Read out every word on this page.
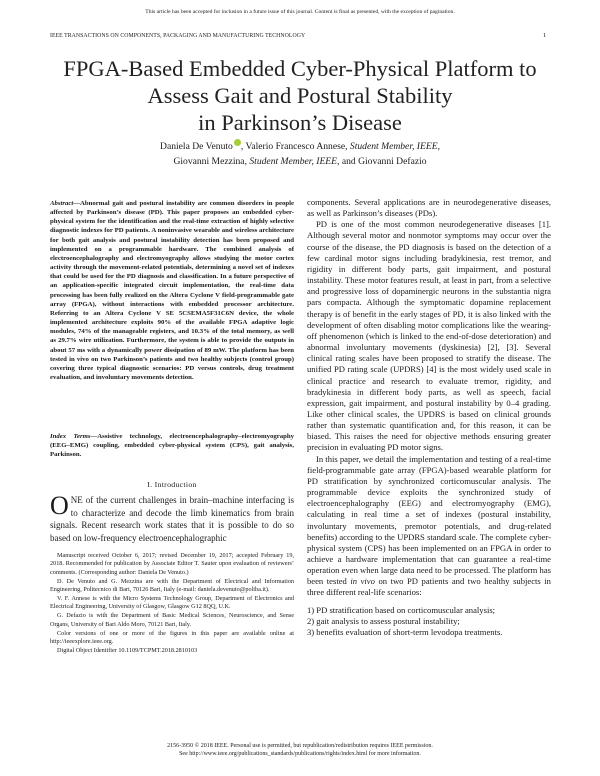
This article has been accepted for inclusion in a future issue of this journal. Content is final as presented, with the exception of pagination.
IEEE TRANSACTIONS ON COMPONENTS, PACKAGING AND MANUFACTURING TECHNOLOGY	1
FPGA-Based Embedded Cyber-Physical Platform to
Assess Gait and Postural Stability
in Parkinson’s Disease
Daniela De Venuto , Valerio Francesco Annese, Student Member, IEEE,
Giovanni Mezzina, Student Member, IEEE, and Giovanni Defazio
Abstract—Abnormal gait and postural instability are common disorders in people affected by Parkinson’s disease (PD). This paper proposes an embedded cyber-physical system for the identification and the real-time extraction of highly selective diagnostic indexes for PD patients. A noninvasive wearable and wireless architecture for both gait analysis and postural instability detection has been proposed and implemented on a programmable hardware. The combined analysis of electroencephalography and electromyography allows studying the motor cortex activity through the movement-related potentials, determining a novel set of indexes that could be used for the PD diagnosis and classification. In a future perspective of an application-specific integrated circuit implementation, the real-time data processing has been fully realized on the Altera Cyclone V field-programmable gate array (FPGA), without interactions with embedded processor architecture. Referring to an Altera Cyclone V SE 5CSEMA5F31C6N device, the whole implemented architecture exploits 90% of the available FPGA adaptive logic modules, 74% of the manageable registers, and 10.3% of the total memory, as well as 29.7% wire utilization. Furthermore, the system is able to provide the outputs in about 57 ms with a dynamically power dissipation of 89 mW. The platform has been tested in vivo on two Parkinson’s patients and two healthy subjects (control group) covering three typical diagnostic scenarios: PD versus controls, drug treatment evaluation, and involuntary movements detection.
Index Terms—Assistive technology, electroencephalography–electromyography (EEG–EMG) coupling, embedded cyber-physical system (CPS), gait analysis, Parkinson.
I. Introduction
ONE of the current challenges in brain–machine interfacing is to characterize and decode the limb kinematics from brain signals. Recent research work states that it is possible to do so based on low-frequency electroencephalographic

Manuscript received October 6, 2017; revised December 19, 2017; accepted February 19, 2018. Recommended for publication by Associate Editor T. Sauter upon evaluation of reviewers’ comments. (Corresponding author: Daniela De Venuto.)

D. De Venuto and G. Mezzina are with the Department of Electrical and Information Engineering, Politecnico di Bari, 70126 Bari, Italy (e-mail: daniela.devenuto@poliba.it).

V. F. Annese is with the Micro Systems Technology Group, Department of Electronics and Electrical Engineering, University of Glasgow, Glasgow G12 8QQ, U.K.

G. Defazio is with the Department of Basic Medical Sciences, Neuroscience, and Sense Organs, University of Bari Aldo Moro, 70121 Bari, Italy.

Color versions of one or more of the figures in this paper are available online at http://ieeexplore.ieee.org.

Digital Object Identifier 10.1109/TCPMT.2018.2810103

components. Several applications are in neurodegenerative diseases, as well as Parkinson’s diseases (PDs).

PD is one of the most common neurodegenerative diseases [1]. Although several motor and nonmotor symptoms may occur over the course of the disease, the PD diagnosis is based on the detection of a few cardinal motor signs including bradykinesia, rest tremor, and rigidity in different body parts, gait impairment, and postural instability. These motor features result, at least in part, from a selective and progressive loss of dopaminergic neurons in the substantia nigra pars compacta. Although the symptomatic dopamine replacement therapy is of benefit in the early stages of PD, it is also linked with the development of often disabling motor complications like the wearing-off phenomenon (which is linked to the end-of-dose deterioration) and abnormal involuntary movements (dyskinesia) [2], [3]. Several clinical rating scales have been proposed to stratify the disease. The unified PD rating scale (UPDRS) [4] is the most widely used scale in clinical practice and research to evaluate tremor, rigidity, and bradykinesia in different body parts, as well as speech, facial expression, gait impairment, and postural instability by 0–4 grading. Like other clinical scales, the UPDRS is based on clinical grounds rather than systematic quantification and, for this reason, it can be biased. This raises the need for objective methods ensuring greater precision in evaluating PD motor signs.

In this paper, we detail the implementation and testing of a real-time field-programmable gate array (FPGA)-based wearable platform for PD stratification by synchronized corticomuscular analysis. The programmable device exploits the synchronized study of electroencephalography (EEG) and electromyography (EMG), calculating in real time a set of indexes (postural instability, involuntary movements, premotor potentials, and drug-related benefits) according to the UPDRS standard scale. The complete cyber-physical system (CPS) has been implemented on an FPGA in order to achieve a hardware implementation that can guarantee a real-time operation even when large data need to be processed. The platform has been tested in vivo on two PD patients and two healthy subjects in three different real-life scenarios:

1) PD stratification based on corticomuscular analysis;
2) gait analysis to assess postural instability;
3) benefits evaluation of short-term levodopa treatments.
2156-3950 © 2018 IEEE. Personal use is permitted, but republication/redistribution requires IEEE permission.
See http://www.ieee.org/publications_standards/publications/rights/index.html for more information.
